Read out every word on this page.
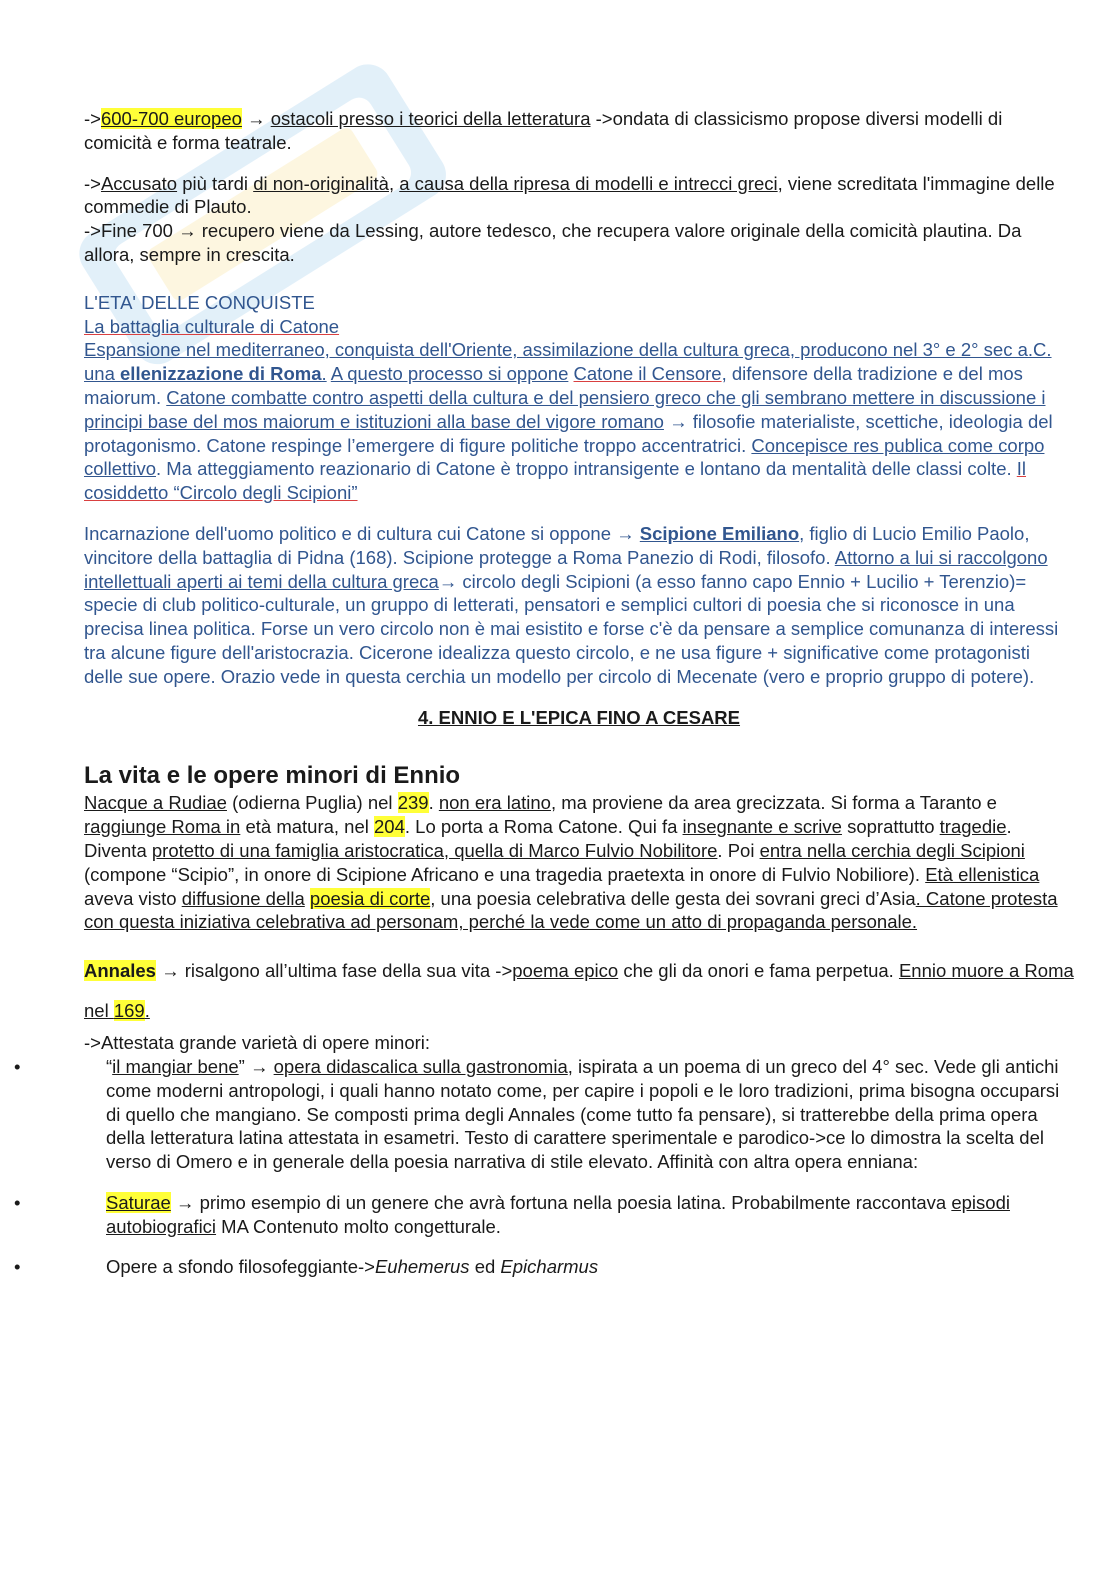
->600-700 europeo → ostacoli presso i teorici della letteratura ->ondata di classicismo propose diversi modelli di comicità e forma teatrale.

->Accusato più tardi di non-originalità, a causa della ripresa di modelli e intrecci greci, viene screditata l'immagine delle commedie di Plauto.

->Fine 700 → recupero viene da Lessing, autore tedesco, che recupera valore originale della comicità plautina. Da allora, sempre in crescita.

L'ETA' DELLE CONQUISTE

La battaglia culturale di Catone

Espansione nel mediterraneo, conquista dell'Oriente, assimilazione della cultura greca, producono nel 3° e 2° sec a.C. una ellenizzazione di Roma. A questo processo si oppone Catone il Censore, difensore della tradizione e del mos maiorum. Catone combatte contro aspetti della cultura e del pensiero greco che gli sembrano mettere in discussione i principi base del mos maiorum e istituzioni alla base del vigore romano → filosofie materialiste, scettiche, ideologia del protagonismo. Catone respinge l’emergere di figure politiche troppo accentratrici. Concepisce res publica come corpo collettivo. Ma atteggiamento reazionario di Catone è troppo intransigente e lontano da mentalità delle classi colte. Il cosiddetto “Circolo degli Scipioni”

Incarnazione dell'uomo politico e di cultura cui Catone si oppone → Scipione Emiliano, figlio di Lucio Emilio Paolo, vincitore della battaglia di Pidna (168). Scipione protegge a Roma Panezio di Rodi, filosofo. Attorno a lui si raccolgono intellettuali aperti ai temi della cultura greca→ circolo degli Scipioni (a esso fanno capo Ennio + Lucilio + Terenzio)= specie di club politico-culturale, un gruppo di letterati, pensatori e semplici cultori di poesia che si riconosce in una precisa linea politica. Forse un vero circolo non è mai esistito e forse c'è da pensare a semplice comunanza di interessi tra alcune figure dell'aristocrazia. Cicerone idealizza questo circolo, e ne usa figure + significative come protagonisti delle sue opere. Orazio vede in questa cerchia un modello per circolo di Mecenate (vero e proprio gruppo di potere).

4. ENNIO E L'EPICA FINO A CESARE

La vita e le opere minori di Ennio

Nacque a Rudiae (odierna Puglia) nel 239. non era latino, ma proviene da area grecizzata. Si forma a Taranto e raggiunge Roma in età matura, nel 204. Lo porta a Roma Catone. Qui fa insegnante e scrive soprattutto tragedie. Diventa protetto di una famiglia aristocratica, quella di Marco Fulvio Nobilitore. Poi entra nella cerchia degli Scipioni (compone “Scipio”, in onore di Scipione Africano e una tragedia praetexta in onore di Fulvio Nobiliore). Età ellenistica aveva visto diffusione della poesia di corte, una poesia celebrativa delle gesta dei sovrani greci d’Asia. Catone protesta con questa iniziativa celebrativa ad personam, perché la vede come un atto di propaganda personale.

Annales → risalgono all’ultima fase della sua vita ->poema epico che gli da onori e fama perpetua. Ennio muore a Roma nel 169.

->Attestata grande varietà di opere minori:

•	“il mangiar bene” → opera didascalica sulla gastronomia, ispirata a un poema di un greco del 4° sec. Vede gli antichi come moderni antropologi, i quali hanno notato come, per capire i popoli e le loro tradizioni, prima bisogna occuparsi di quello che mangiano. Se composti prima degli Annales (come tutto fa pensare), si tratterebbe della prima opera della letteratura latina attestata in esametri. Testo di carattere sperimentale e parodico->ce lo dimostra la scelta del verso di Omero e in generale della poesia narrativa di stile elevato. Affinità con altra opera enniana:
•	Saturae → primo esempio di un genere che avrà fortuna nella poesia latina. Probabilmente raccontava episodi autobiografici MA Contenuto molto congetturale.
•	Opere a sfondo filosofeggiante->Euhemerus ed Epicharmus
